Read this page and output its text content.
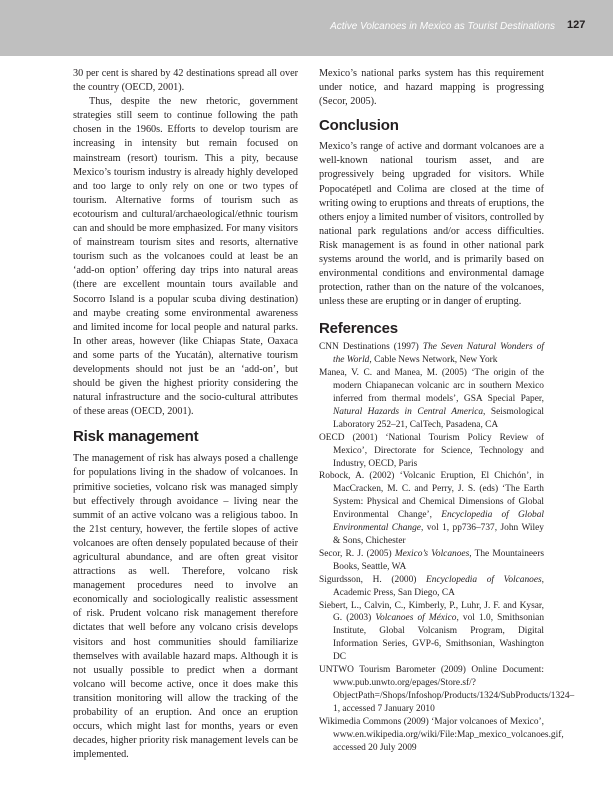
Active Volcanoes in Mexico as Tourist Destinations 127

30 per cent is shared by 42 destinations spread all over the country (OECD, 2001).

Thus, despite the new rhetoric, government strategies still seem to continue following the path chosen in the 1960s. Efforts to develop tourism are increasing in intensity but remain focused on mainstream (resort) tourism. This a pity, because Mexico’s tourism industry is already highly developed and too large to only rely on one or two types of tourism. Alternative forms of tourism such as ecotourism and cultural/archaeological/ethnic tourism can and should be more emphasized. For many visitors of mainstream tourism sites and resorts, alternative tourism such as the volcanoes could at least be an ‘add-on option’ offering day trips into natural areas (there are excellent mountain tours available and Socorro Island is a popular scuba diving destination) and maybe creating some environmental awareness and limited income for local people and natural parks. In other areas, however (like Chiapas State, Oaxaca and some parts of the Yucatán), alternative tourism developments should not just be an ‘add-on’, but should be given the highest priority considering the natural infrastructure and the socio-cultural attributes of these areas (OECD, 2001).

Risk management

The management of risk has always posed a challenge for populations living in the shadow of volcanoes. In primitive societies, volcano risk was managed simply but effectively through avoidance – living near the summit of an active volcano was a religious taboo. In the 21st century, however, the fertile slopes of active volcanoes are often densely populated because of their agricultural abundance, and are often great visitor attractions as well. Therefore, volcano risk management procedures need to involve an economically and sociologically realistic assessment of risk. Prudent volcano risk management therefore dictates that well before any volcano crisis develops visitors and host communities should familiarize themselves with available hazard maps. Although it is not usually possible to predict when a dormant volcano will become active, once it does make this transition monitoring will allow the tracking of the probability of an eruption. And once an eruption occurs, which might last for months, years or even decades, higher priority risk management levels can be implemented.

Mexico’s national parks system has this requirement under notice, and hazard mapping is progressing (Secor, 2005).

Conclusion

Mexico’s range of active and dormant volcanoes are a well-known national tourism asset, and are progressively being upgraded for visitors. While Popocatépetl and Colima are closed at the time of writing owing to eruptions and threats of eruptions, the others enjoy a limited number of visitors, controlled by national park regulations and/or access difficulties. Risk management is as found in other national park systems around the world, and is primarily based on environmental conditions and environmental damage protection, rather than on the nature of the volcanoes, unless these are erupting or in danger of erupting.

References
CNN Destinations (1997) The Seven Natural Wonders of the World, Cable News Network, New York
Manea, V. C. and Manea, M. (2005) ‘The origin of the modern Chiapanecan volcanic arc in southern Mexico inferred from thermal models’, GSA Special Paper, Natural Hazards in Central America, Seismological Laboratory 252–21, CalTech, Pasadena, CA
OECD (2001) ‘National Tourism Policy Review of Mexico’, Directorate for Science, Technology and Industry, OECD, Paris
Robock, A. (2002) ‘Volcanic Eruption, El Chichón’, in MacCracken, M. C. and Perry, J. S. (eds) ‘The Earth System: Physical and Chemical Dimensions of Global Environmental Change’, Encyclopedia of Global Environmental Change, vol 1, pp736–737, John Wiley & Sons, Chichester
Secor, R. J. (2005) Mexico’s Volcanoes, The Mountaineers Books, Seattle, WA
Sigurdsson, H. (2000) Encyclopedia of Volcanoes, Academic Press, San Diego, CA
Siebert, L., Calvin, C., Kimberly, P., Luhr, J. F. and Kysar, G. (2003) Volcanoes of México, vol 1.0, Smithsonian Institute, Global Volcanism Program, Digital Information Series, GVP-6, Smithsonian, Washington DC
UNTWO Tourism Barometer (2009) Online Document: www.pub.unwto.org/epages/Store.sf/?ObjectPath=/Shops/Infoshop/Products/1324/SubProducts/1324–1, accessed 7 January 2010
Wikimedia Commons (2009) ‘Major volcanoes of Mexico’, www.en.wikipedia.org/wiki/File:Map_mexico_volcanoes.gif, accessed 20 July 2009
